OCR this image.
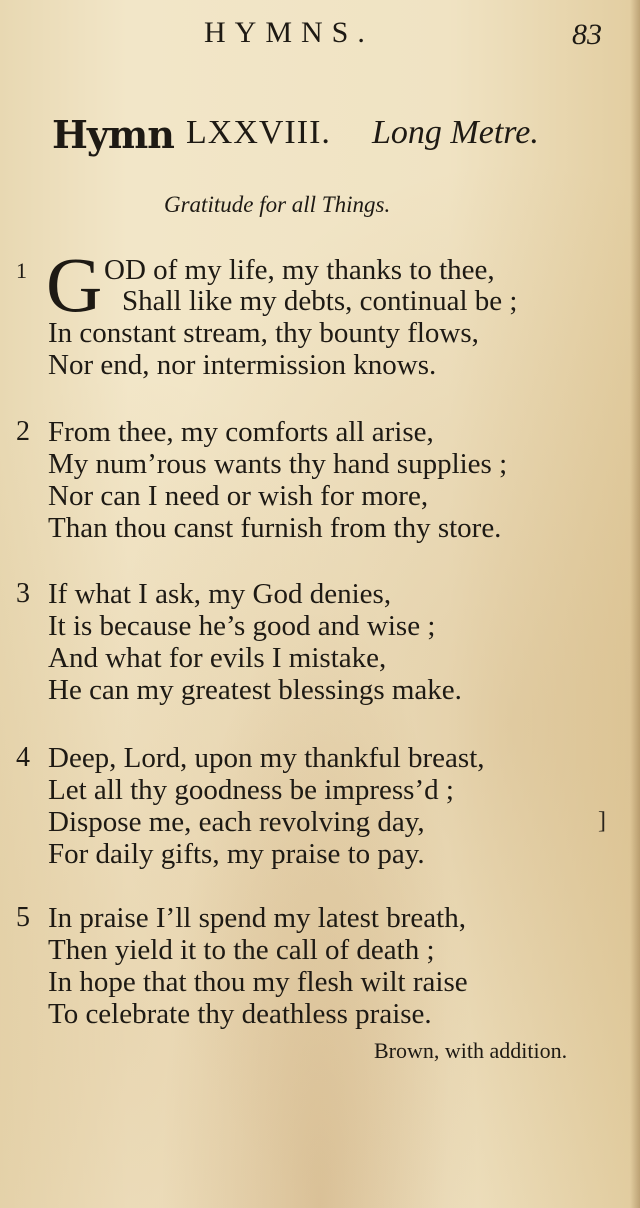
HYMNS.	83
Hymn LXXVIII. Long Metre.
Gratitude for all Things.
1 G OD of my life, my thanks to thee,
Shall like my debts, continual be ;
In constant stream, thy bounty flows,
Nor end, nor intermission knows.
2 From thee, my comforts all arise,
My num’rous wants thy hand supplies ;
Nor can I need or wish for more,
Than thou canst furnish from thy store.
3 If what I ask, my God denies,
It is because he’s good and wise ;
And what for evils I mistake,
He can my greatest blessings make.
4 Deep, Lord, upon my thankful breast,
Let all thy goodness be impress’d ;
Dispose me, each revolving day,
For daily gifts, my praise to pay.
5 In praise I’ll spend my latest breath,
Then yield it to the call of death ;
In hope that thou my flesh wilt raise
To celebrate thy deathless praise.
Brown, with addition.
]
